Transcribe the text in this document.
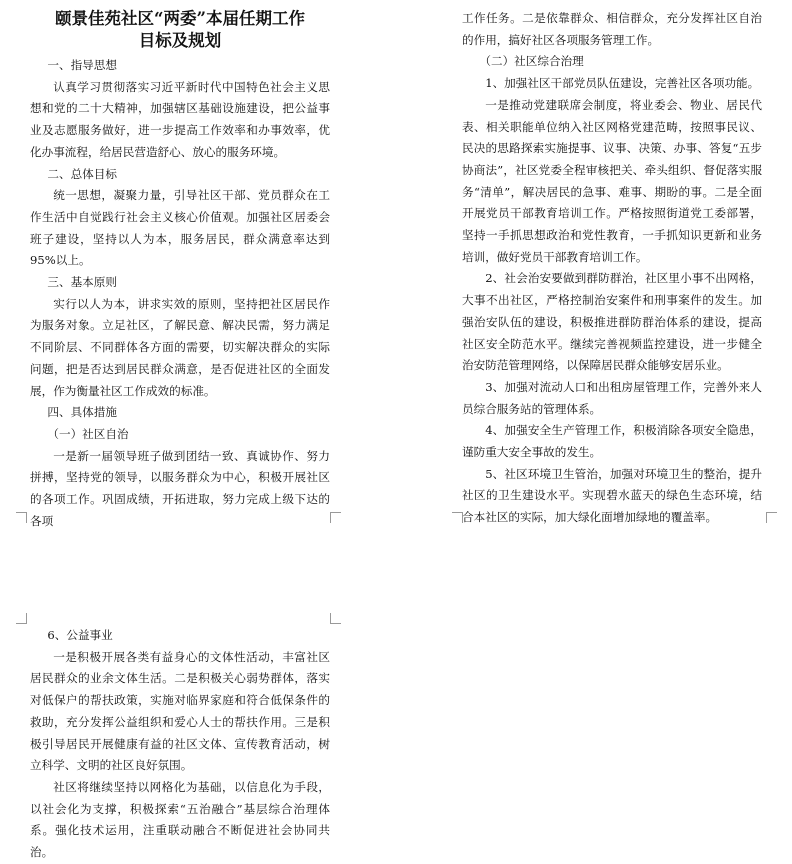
颐景佳苑社区“两委”本届任期工作
目标及规划

一、指导思想

认真学习贯彻落实习近平新时代中国特色社会主义思想和党的二十大精神，加强辖区基础设施建设，把公益事业及志愿服务做好，进一步提高工作效率和办事效率，优化办事流程，给居民营造舒心、放心的服务环境。

二、总体目标

统一思想，凝聚力量，引导社区干部、党员群众在工作生活中自觉践行社会主义核心价值观。加强社区居委会班子建设，坚持以人为本，服务居民，群众满意率达到95%以上。

三、基本原则

实行以人为本，讲求实效的原则，坚持把社区居民作为服务对象。立足社区，了解民意、解决民需，努力满足不同阶层、不同群体各方面的需要，切实解决群众的实际问题，把是否达到居民群众满意，是否促进社区的全面发展，作为衡量社区工作成效的标准。

四、具体措施

（一）社区自治

一是新一届领导班子做到团结一致、真诚协作、努力拼搏，坚持党的领导，以服务群众为中心，积极开展社区的各项工作。巩固成绩，开拓进取，努力完成上级下达的各项

工作任务。二是依靠群众、相信群众，充分发挥社区自治的作用，搞好社区各项服务管理工作。

（二）社区综合治理

1、加强社区干部党员队伍建设，完善社区各项功能。

一是推动党建联席会制度，将业委会、物业、居民代表、相关职能单位纳入社区网格党建范畴，按照事民议、民决的思路探索实施提事、议事、决策、办事、答复“五步协商法”，社区党委全程审核把关、牵头组织、督促落实服务“清单”，解决居民的急事、难事、期盼的事。二是全面开展党员干部教育培训工作。严格按照街道党工委部署，坚持一手抓思想政治和党性教育，一手抓知识更新和业务培训，做好党员干部教育培训工作。

2、社会治安要做到群防群治，社区里小事不出网格，大事不出社区，严格控制治安案件和刑事案件的发生。加强治安队伍的建设，积极推进群防群治体系的建设，提高社区安全防范水平。继续完善视频监控建设，进一步健全治安防范管理网络，以保障居民群众能够安居乐业。

3、加强对流动人口和出租房屋管理工作，完善外来人员综合服务站的管理体系。

4、加强安全生产管理工作，积极消除各项安全隐患，谨防重大安全事故的发生。

5、社区环境卫生管治，加强对环境卫生的整治，提升社区的卫生建设水平。实现碧水蓝天的绿色生态环境，结合本社区的实际，加大绿化面增加绿地的覆盖率。

6、公益事业

一是积极开展各类有益身心的文体性活动，丰富社区居民群众的业余文体生活。二是积极关心弱势群体，落实对低保户的帮扶政策，实施对临界家庭和符合低保条件的救助，充分发挥公益组织和爱心人士的帮扶作用。三是积极引导居民开展健康有益的社区文体、宣传教育活动，树立科学、文明的社区良好氛围。

社区将继续坚持以网格化为基础，以信息化为手段，以社会化为支撑，积极探索“五治融合”基层综合治理体系。强化技术运用，注重联动融合不断促进社会协同共治。
